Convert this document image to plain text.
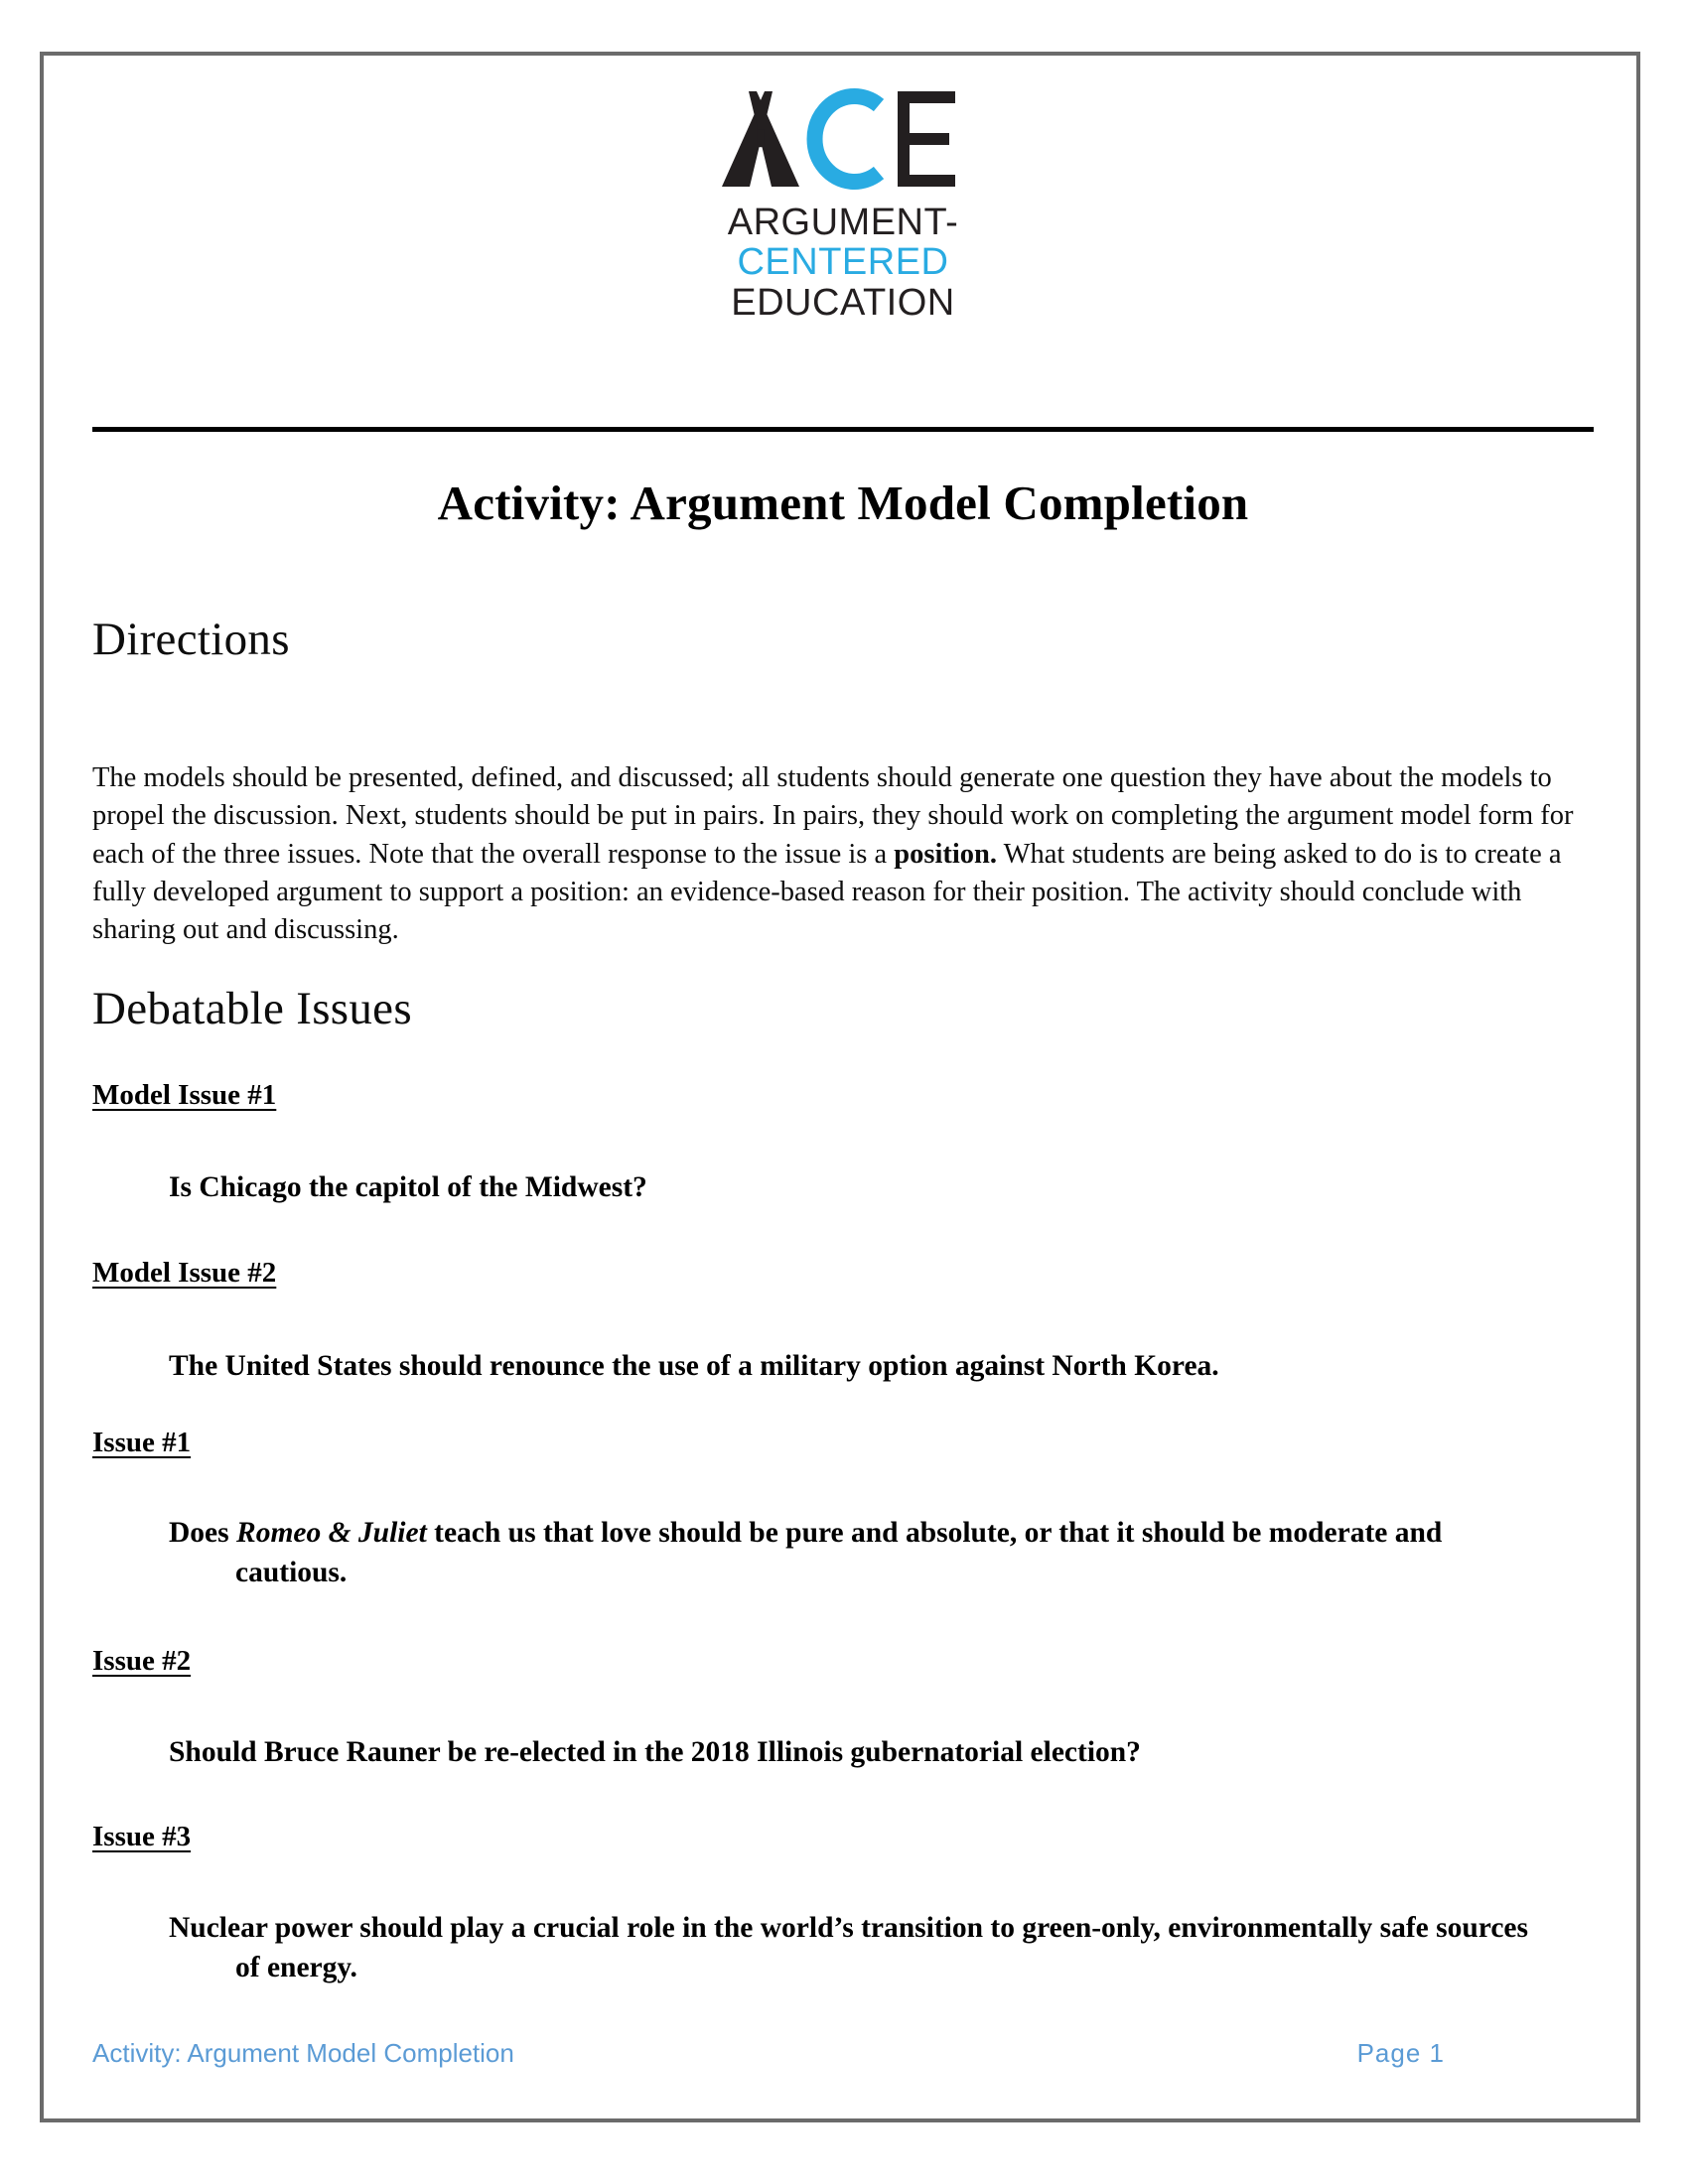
ARGUMENT-
CENTERED
EDUCATION
Activity: Argument Model Completion
Directions
The models should be presented, defined, and discussed; all students should generate one question they have about the models to propel the discussion. Next, students should be put in pairs. In pairs, they should work on completing the argument model form for each of the three issues. Note that the overall response to the issue is a position. What students are being asked to do is to create a fully developed argument to support a position: an evidence-based reason for their position. The activity should conclude with sharing out and discussing.
Debatable Issues
Model Issue #1
Is Chicago the capitol of the Midwest?
Model Issue #2
The United States should renounce the use of a military option against North Korea.
Issue #1
Does Romeo & Juliet teach us that love should be pure and absolute, or that it should be moderate and cautious.
Issue #2
Should Bruce Rauner be re-elected in the 2018 Illinois gubernatorial election?
Issue #3
Nuclear power should play a crucial role in the world’s transition to green-only, environmentally safe sources of energy.
Activity: Argument Model Completion	Page 1
